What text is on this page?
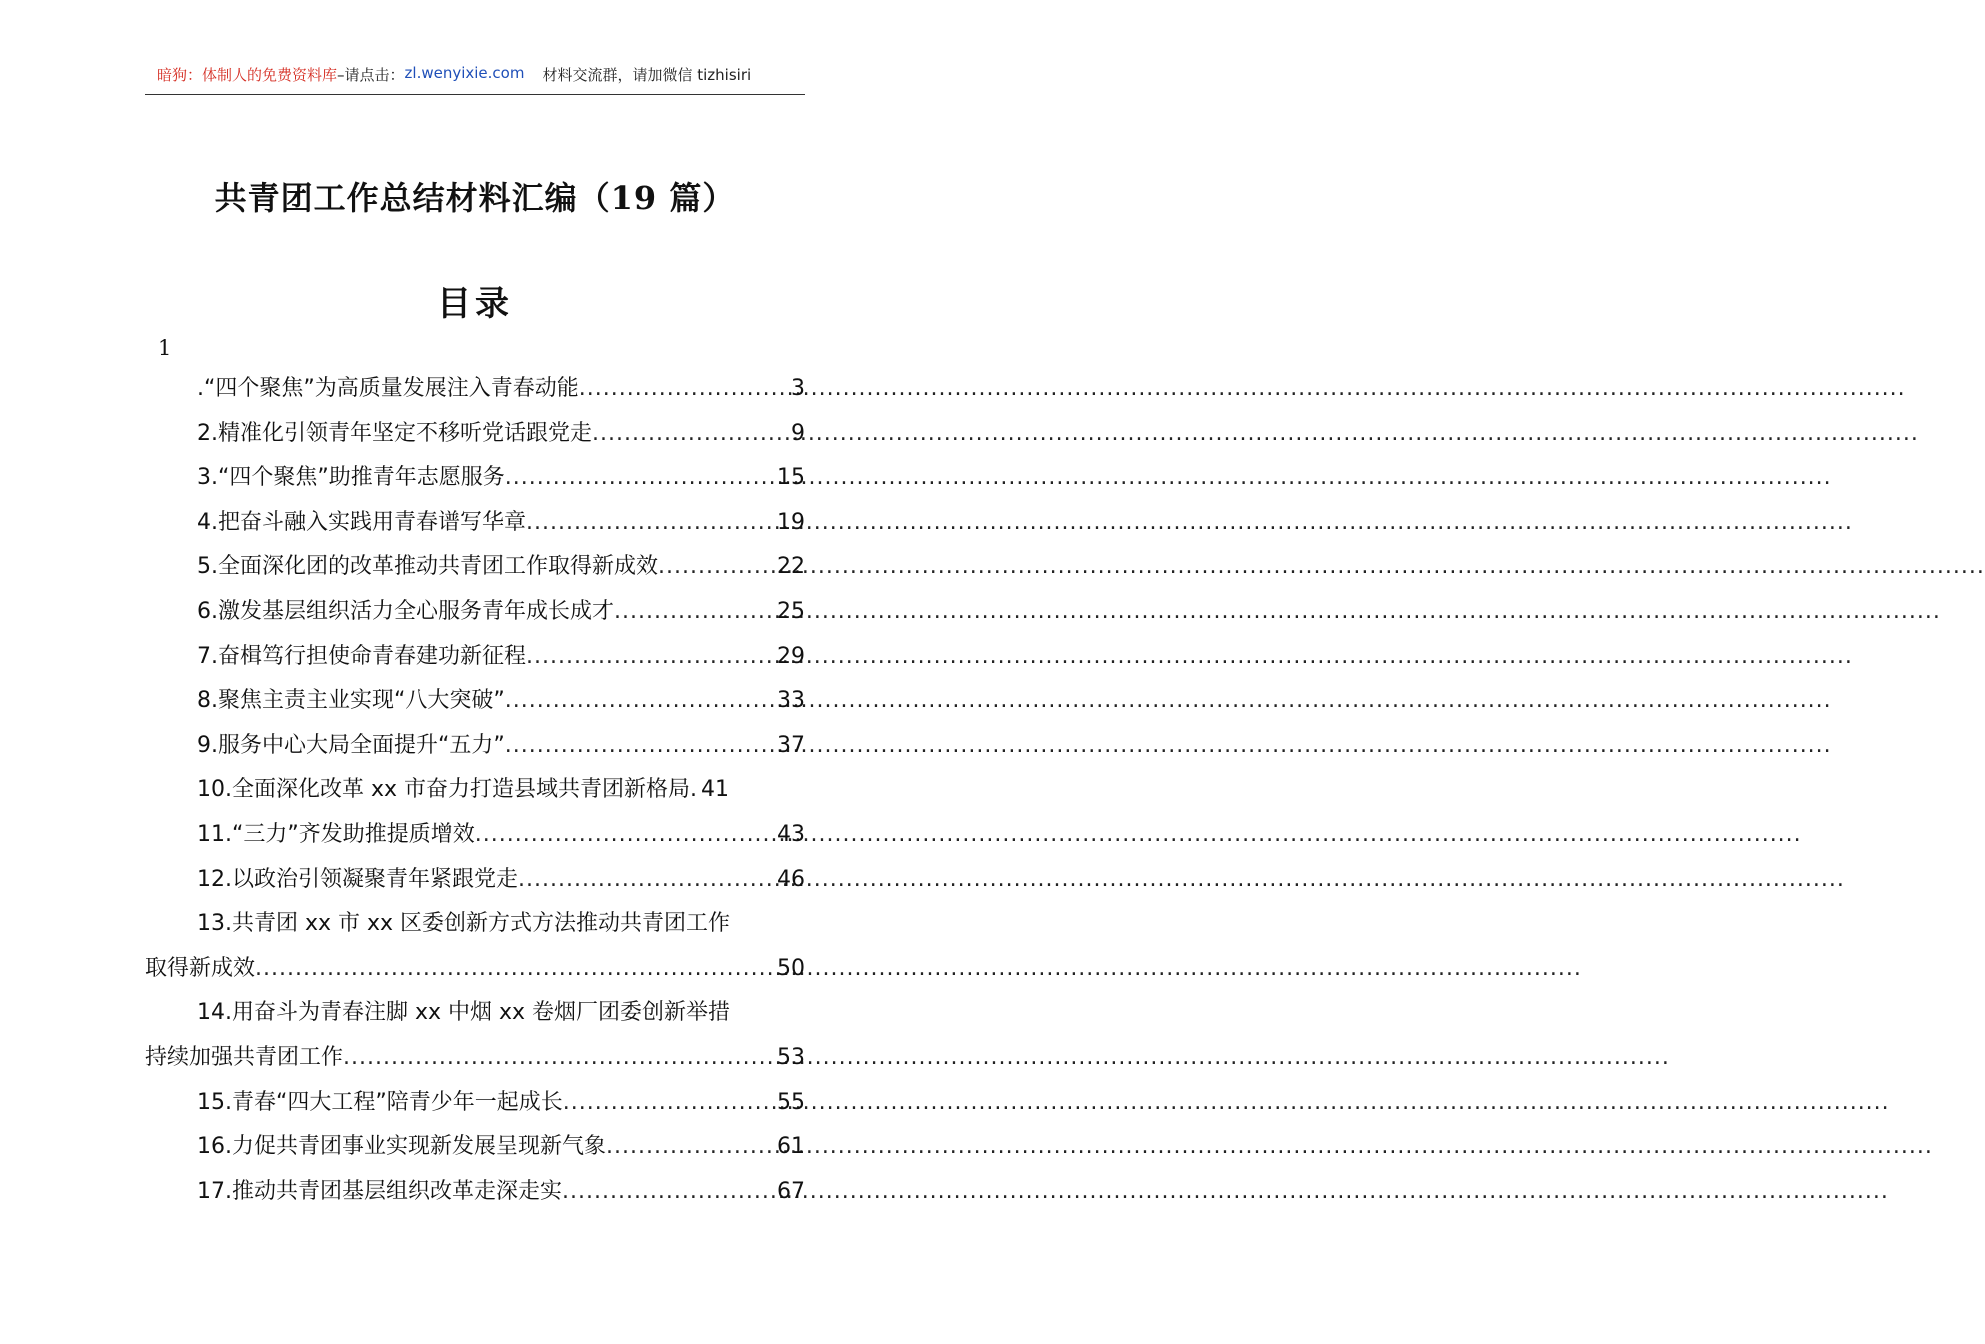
暗狗：体制人的免费资料库 –请点击： zl.wenyixie.com 材料交流群，请加微信 tizhisiri
共青团工作总结材料汇编（19 篇）
目录
1
.“四个聚焦”为高质量发展注入青春动能 .....	3
2.精准化引领青年坚定不移听党话跟党走 .....	9
3.“四个聚焦”助推青年志愿服务 .....	15
4.把奋斗融入实践用青春谱写华章 .....	19
5.全面深化团的改革推动共青团工作取得新成效 .....	22
6.激发基层组织活力全心服务青年成长成才 .....	25
7.奋楫笃行担使命青春建功新征程 .....	29
8.聚焦主责主业实现“八大突破” .....	33
9.服务中心大局全面提升“五力” .....	37
10.全面深化改革 xx 市奋力打造县域共青团新格局. 41
11.“三力”齐发助推提质增效 .....	43
12.以政治引领凝聚青年紧跟党走 .....	46
13.共青团 xx 市 xx 区委创新方式方法推动共青团工作
取得新成效 .....	50
14.用奋斗为青春注脚 xx 中烟 xx 卷烟厂团委创新举措
持续加强共青团工作 .....	53
15.青春“四大工程”陪青少年一起成长 .....	55
16.力促共青团事业实现新发展呈现新气象 .....	61
17.推动共青团基层组织改革走深走实 .....	67
